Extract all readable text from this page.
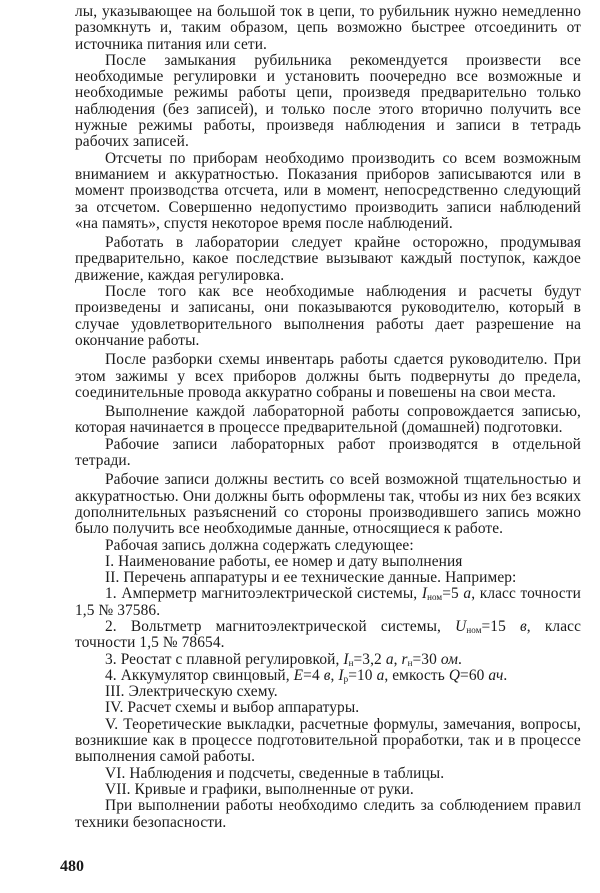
лы, указывающее на большой ток в цепи, то рубильник нужно немедленно разомкнуть и, таким образом, цепь возможно быстрее отсоединить от источника питания или сети.

После замыкания рубильника рекомендуется произвести все необходимые регулировки и установить поочередно все возможные и необходимые режимы работы цепи, произведя предварительно только наблюдения (без записей), и только после этого вторично получить все нужные режимы работы, произведя наблюдения и записи в тетрадь рабочих записей.

Отсчеты по приборам необходимо производить со всем возможным вниманием и аккуратностью. Показания приборов записываются или в момент производства отсчета, или в момент, непосредственно следующий за отсчетом. Совершенно недопустимо производить записи наблюдений «на память», спустя некоторое время после наблюдений.

Работать в лаборатории следует крайне осторожно, продумывая предварительно, какое последствие вызывают каждый поступок, каждое движение, каждая регулировка.

После того как все необходимые наблюдения и расчеты будут произведены и записаны, они показываются руководителю, который в случае удовлетворительного выполнения работы дает разрешение на окончание работы.

После разборки схемы инвентарь работы сдается руководителю. При этом зажимы у всех приборов должны быть подвернуты до предела, соединительные провода аккуратно собраны и повешены на свои места.

Выполнение каждой лабораторной работы сопровождается записью, которая начинается в процессе предварительной (домашней) подготовки.

Рабочие записи лабораторных работ производятся в отдельной тетради.

Рабочие записи должны вестить со всей возможной тщательностью и аккуратностью. Они должны быть оформлены так, чтобы из них без всяких дополнительных разъяснений со стороны производившего запись можно было получить все необходимые данные, относящиеся к работе.

Рабочая запись должна содержать следующее:

I. Наименование работы, ее номер и дату выполнения

II. Перечень аппаратуры и ее технические данные. Например:

1. Амперметр магнитоэлектрической системы, $I_{ном}=5$ а, класс точности 1,5 № 37586.

2. Вольтметр магнитоэлектрической системы, $U_{ном}=15$ в, класс точности 1,5 № 78654.

3. Реостат с плавной регулировкой, $I_н=3,2$ а, $r_н=30$ ом.

4. Аккумулятор свинцовый, E=4 в, $I_р=10$ а, емкость Q=60 ач.

III. Электрическую схему.

IV. Расчет схемы и выбор аппаратуры.

V. Теоретические выкладки, расчетные формулы, замечания, вопросы, возникшие как в процессе подготовительной проработки, так и в процессе выполнения самой работы.

VI. Наблюдения и подсчеты, сведенные в таблицы.

VII. Кривые и графики, выполненные от руки.

При выполнении работы необходимо следить за соблюдением правил техники безопасности.

480
